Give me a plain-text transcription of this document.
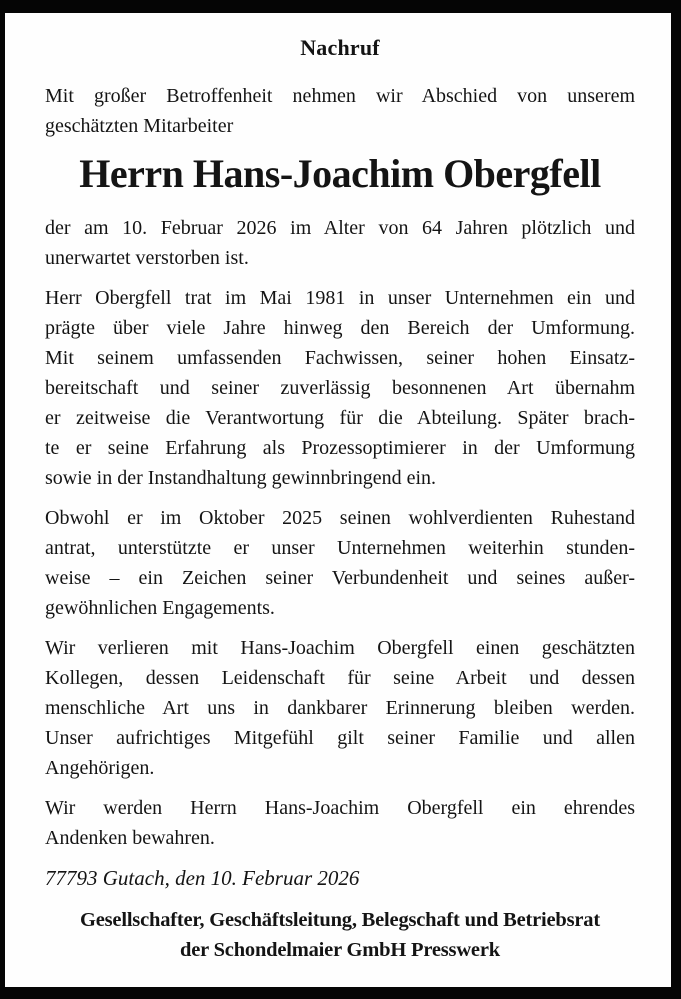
Nachruf
Mit großer Betroffenheit nehmen wir Abschied von unserem
geschätzten Mitarbeiter
Herrn Hans-Joachim Obergfell
der am 10. Februar 2026 im Alter von 64 Jahren plötzlich und
unerwartet verstorben ist.
Herr Obergfell trat im Mai 1981 in unser Unternehmen ein und
prägte über viele Jahre hinweg den Bereich der Umformung.
Mit seinem umfassenden Fachwissen, seiner hohen Einsatz-
bereitschaft und seiner zuverlässig besonnenen Art übernahm
er zeitweise die Verantwortung für die Abteilung. Später brach-
te er seine Erfahrung als Prozessoptimierer in der Umformung
sowie in der Instandhaltung gewinnbringend ein.
Obwohl er im Oktober 2025 seinen wohlverdienten Ruhestand
antrat, unterstützte er unser Unternehmen weiterhin stunden-
weise – ein Zeichen seiner Verbundenheit und seines außer-
gewöhnlichen Engagements.
Wir verlieren mit Hans-Joachim Obergfell einen geschätzten
Kollegen, dessen Leidenschaft für seine Arbeit und dessen
menschliche Art uns in dankbarer Erinnerung bleiben werden.
Unser aufrichtiges Mitgefühl gilt seiner Familie und allen
Angehörigen.
Wir werden Herrn Hans-Joachim Obergfell ein ehrendes
Andenken bewahren.
77793 Gutach, den 10. Februar 2026
Gesellschafter, Geschäftsleitung, Belegschaft und Betriebsrat
der Schondelmaier GmbH Presswerk
